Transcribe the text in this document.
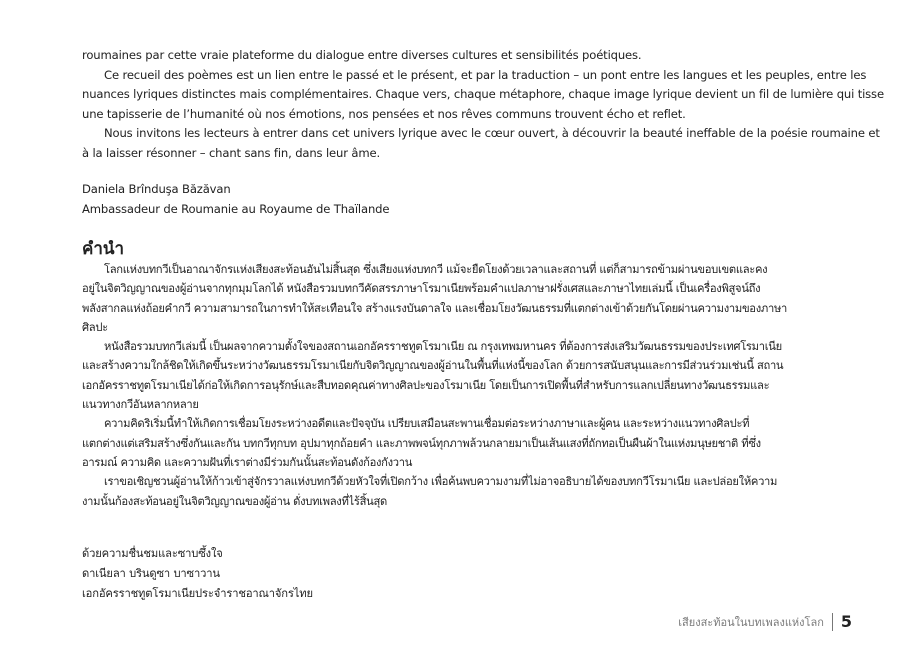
roumaines par cette vraie plateforme du dialogue entre diverses cultures et sensibilités poétiques.

Ce recueil des poèmes est un lien entre le passé et le présent, et par la traduction – un pont entre les langues et les peuples, entre les

nuances lyriques distinctes mais complémentaires. Chaque vers, chaque métaphore, chaque image lyrique devient un fil de lumière qui tisse

une tapisserie de l’humanité où nos émotions, nos pensées et nos rêves communs trouvent écho et reflet.

Nous invitons les lecteurs à entrer dans cet univers lyrique avec le cœur ouvert, à découvrir la beauté ineffable de la poésie roumaine et

à la laisser résonner – chant sans fin, dans leur âme.

Daniela Brînduşa Băzăvan

Ambassadeur de Roumanie au Royaume de Thaïlande

คำนำ

โลกแห่งบทกวีเป็นอาณาจักรแห่งเสียงสะท้อนอันไม่สิ้นสุด ซึ่งเสียงแห่งบทกวี แม้จะยืดโยงด้วยเวลาและสถานที่ แต่ก็สามารถข้ามผ่านขอบเขตและคง

อยู่ในจิตวิญญาณของผู้อ่านจากทุกมุมโลกได้ หนังสือรวมบทกวีคัดสรรภาษาโรมาเนียพร้อมคำแปลภาษาฝรั่งเศสและภาษาไทยเล่มนี้ เป็นเครื่องพิสูจน์ถึง

พลังสากลแห่งถ้อยคำกวี ความสามารถในการทำให้สะเทือนใจ สร้างแรงบันดาลใจ และเชื่อมโยงวัฒนธรรมที่แตกต่างเข้าด้วยกันโดยผ่านความงามของภาษา

ศิลปะ

หนังสือรวมบทกวีเล่มนี้ เป็นผลจากความตั้งใจของสถานเอกอัครราชทูตโรมาเนีย ณ กรุงเทพมหานคร ที่ต้องการส่งเสริมวัฒนธรรมของประเทศโรมาเนีย

และสร้างความใกล้ชิดให้เกิดขึ้นระหว่างวัฒนธรรมโรมาเนียกับจิตวิญญาณของผู้อ่านในพื้นที่แห่งนี้ของโลก ด้วยการสนับสนุนและการมีส่วนร่วมเช่นนี้ สถาน

เอกอัครราชทูตโรมาเนียได้ก่อให้เกิดการอนุรักษ์และสืบทอดคุณค่าทางศิลปะของโรมาเนีย โดยเป็นการเปิดพื้นที่สำหรับการแลกเปลี่ยนทางวัฒนธรรมและ

แนวทางกวีอันหลากหลาย

ความคิดริเริ่มนี้ทำให้เกิดการเชื่อมโยงระหว่างอดีตและปัจจุบัน เปรียบเสมือนสะพานเชื่อมต่อระหว่างภาษาและผู้คน และระหว่างแนวทางศิลปะที่

แตกต่างแต่เสริมสร้างซึ่งกันและกัน บทกวีทุกบท อุปมาทุกถ้อยคำ และภาพพจน์ทุกภาพล้วนกลายมาเป็นเส้นแสงที่ถักทอเป็นผืนผ้าในแห่งมนุษยชาติ ที่ซึ่ง

อารมณ์ ความคิด และความฝันที่เราต่างมีร่วมกันนั้นสะท้อนดังก้องกังวาน

เราขอเชิญชวนผู้อ่านให้ก้าวเข้าสู่จักรวาลแห่งบทกวีด้วยหัวใจที่เปิดกว้าง เพื่อค้นพบความงามที่ไม่อาจอธิบายได้ของบทกวีโรมาเนีย และปล่อยให้ความ

งามนั้นก้องสะท้อนอยู่ในจิตวิญญาณของผู้อ่าน ดั่งบทเพลงที่ไร้สิ้นสุด

ด้วยความชื่นชมและซาบซึ้งใจ

ดาเนียลา บรินดูซา บาซาวาน

เอกอัครราชทูตโรมาเนียประจำราชอาณาจักรไทย

เสียงสะท้อนในบทเพลงแห่งโลก 5
